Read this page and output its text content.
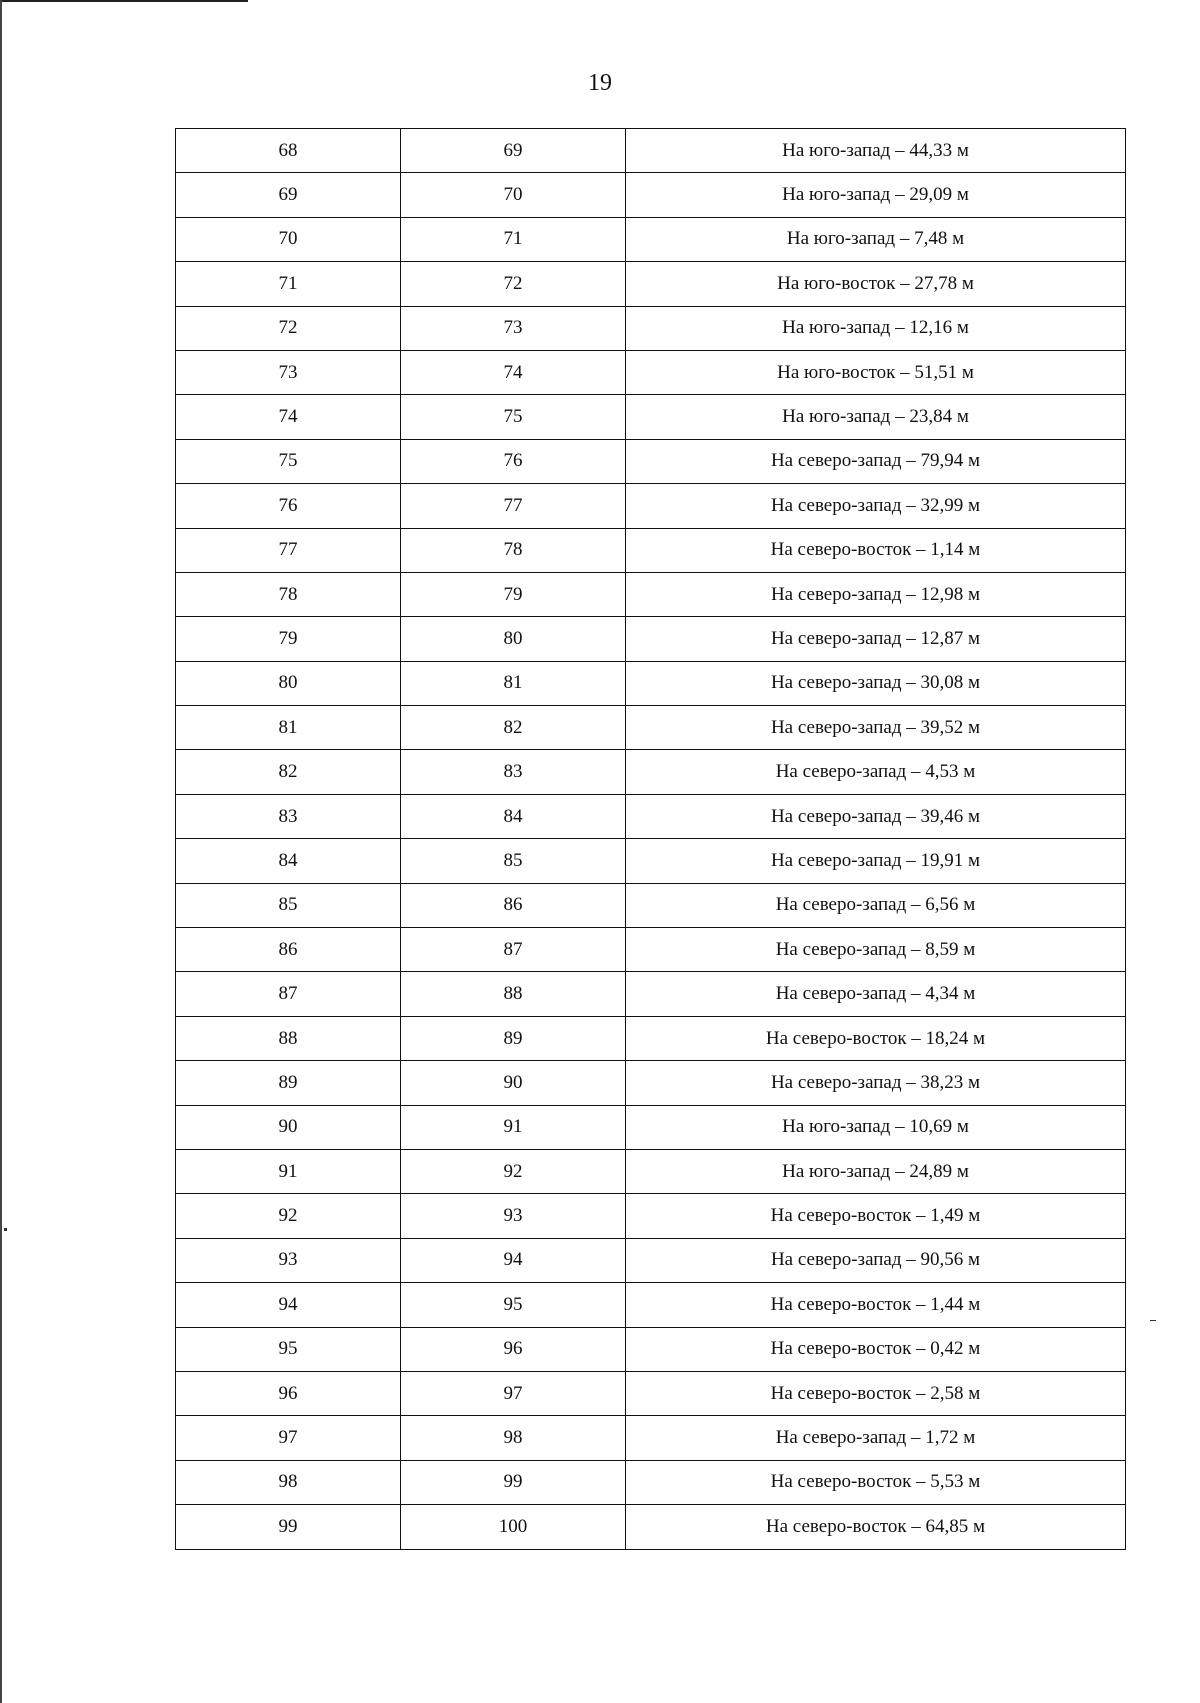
19
68	69	На юго-запад – 44,33 м
69	70	На юго-запад – 29,09 м
70	71	На юго-запад – 7,48 м
71	72	На юго-восток – 27,78 м
72	73	На юго-запад – 12,16 м
73	74	На юго-восток – 51,51 м
74	75	На юго-запад – 23,84 м
75	76	На северо-запад – 79,94 м
76	77	На северо-запад – 32,99 м
77	78	На северо-восток – 1,14 м
78	79	На северо-запад – 12,98 м
79	80	На северо-запад – 12,87 м
80	81	На северо-запад – 30,08 м
81	82	На северо-запад – 39,52 м
82	83	На северо-запад – 4,53 м
83	84	На северо-запад – 39,46 м
84	85	На северо-запад – 19,91 м
85	86	На северо-запад – 6,56 м
86	87	На северо-запад – 8,59 м
87	88	На северо-запад – 4,34 м
88	89	На северо-восток – 18,24 м
89	90	На северо-запад – 38,23 м
90	91	На юго-запад – 10,69 м
91	92	На юго-запад – 24,89 м
92	93	На северо-восток – 1,49 м
93	94	На северо-запад – 90,56 м
94	95	На северо-восток – 1,44 м
95	96	На северо-восток – 0,42 м
96	97	На северо-восток – 2,58 м
97	98	На северо-запад – 1,72 м
98	99	На северо-восток – 5,53 м
99	100	На северо-восток – 64,85 м
